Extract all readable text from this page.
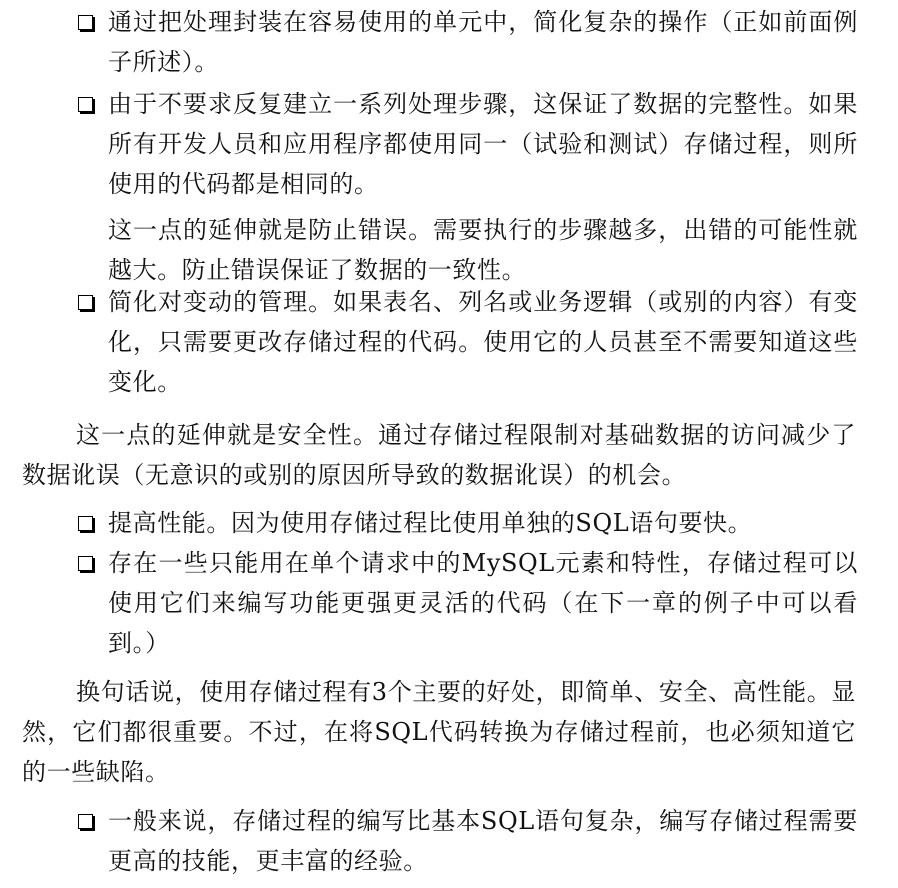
通过把处理封装在容易使用的单元中，简化复杂的操作（正如前面例子所述）。
由于不要求反复建立一系列处理步骤，这保证了数据的完整性。如果所有开发人员和应用程序都使用同一（试验和测试）存储过程，则所使用的代码都是相同的。
这一点的延伸就是防止错误。需要执行的步骤越多，出错的可能性就越大。防止错误保证了数据的一致性。
简化对变动的管理。如果表名、列名或业务逻辑（或别的内容）有变化，只需要更改存储过程的代码。使用它的人员甚至不需要知道这些变化。
这一点的延伸就是安全性。通过存储过程限制对基础数据的访问减少了数据讹误（无意识的或别的原因所导致的数据讹误）的机会。
提高性能。因为使用存储过程比使用单独的SQL语句要快。
存在一些只能用在单个请求中的MySQL元素和特性，存储过程可以使用它们来编写功能更强更灵活的代码（在下一章的例子中可以看到。）
换句话说，使用存储过程有3个主要的好处，即简单、安全、高性能。显然，它们都很重要。不过，在将SQL代码转换为存储过程前，也必须知道它的一些缺陷。
一般来说，存储过程的编写比基本SQL语句复杂，编写存储过程需要更高的技能，更丰富的经验。
